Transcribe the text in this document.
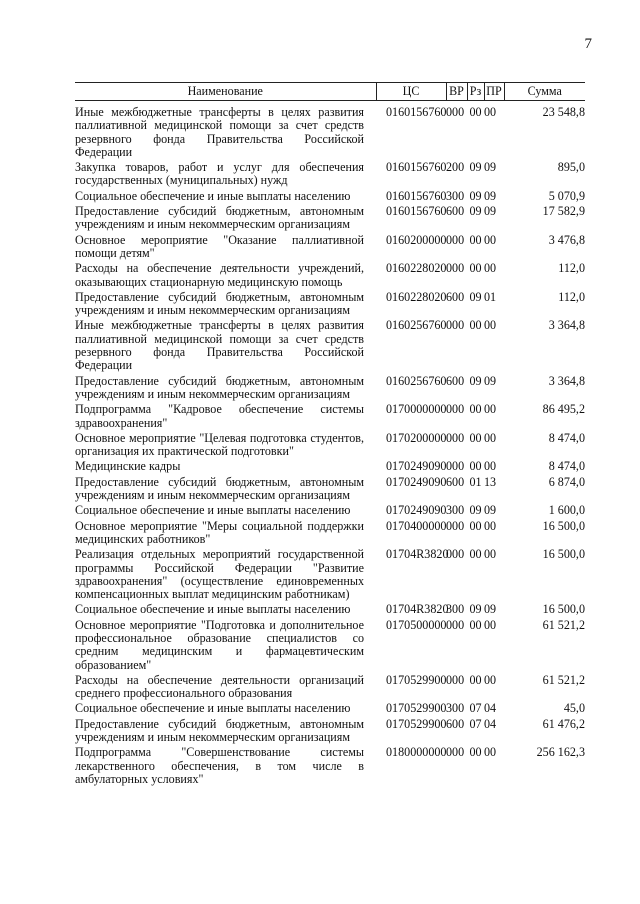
7
Наименование	ЦС	ВР	Рз	ПР	Сумма
Иные межбюджетные трансферты в целях развития паллиативной медицинской помощи за счет средств резервного фонда Правительства Российской Федерации	0160156760	000	00	00	23 548,8
Закупка товаров, работ и услуг для обеспечения государственных (муниципальных) нужд	0160156760	200	09	09	895,0
Социальное обеспечение и иные выплаты населению	0160156760	300	09	09	5 070,9
Предоставление субсидий бюджетным, автономным учреждениям и иным некоммерческим организациям	0160156760	600	09	09	17 582,9
Основное мероприятие "Оказание паллиативной помощи детям"	0160200000	000	00	00	3 476,8
Расходы на обеспечение деятельности учреждений, оказывающих стационарную медицинскую помощь	0160228020	000	00	00	112,0
Предоставление субсидий бюджетным, автономным учреждениям и иным некоммерческим организациям	0160228020	600	09	01	112,0
Иные межбюджетные трансферты в целях развития паллиативной медицинской помощи за счет средств резервного фонда Правительства Российской Федерации	0160256760	000	00	00	3 364,8
Предоставление субсидий бюджетным, автономным учреждениям и иным некоммерческим организациям	0160256760	600	09	09	3 364,8
Подпрограмма "Кадровое обеспечение системы здравоохранения"	0170000000	000	00	00	86 495,2
Основное мероприятие "Целевая подготовка студентов, организация их практической подготовки"	0170200000	000	00	00	8 474,0
Медицинские кадры	0170249090	000	00	00	8 474,0
Предоставление субсидий бюджетным, автономным учреждениям и иным некоммерческим организациям	0170249090	600	01	13	6 874,0
Социальное обеспечение и иные выплаты населению	0170249090	300	09	09	1 600,0
Основное мероприятие "Меры социальной поддержки медицинских работников"	0170400000	000	00	00	16 500,0
Реализация отдельных мероприятий государственной программы Российской Федерации "Развитие здравоохранения" (осуществление единовременных компенсационных выплат медицинским работникам)	01704R3820	000	00	00	16 500,0
Социальное обеспечение и иные выплаты населению	01704R3820	300	09	09	16 500,0
Основное мероприятие "Подготовка и дополнительное профессиональное образование специалистов со средним медицинским и фармацевтическим образованием"	0170500000	000	00	00	61 521,2
Расходы на обеспечение деятельности организаций среднего профессионального образования	0170529900	000	00	00	61 521,2
Социальное обеспечение и иные выплаты населению	0170529900	300	07	04	45,0
Предоставление субсидий бюджетным, автономным учреждениям и иным некоммерческим организациям	0170529900	600	07	04	61 476,2
Подпрограмма "Совершенствование системы лекарственного обеспечения, в том числе в амбулаторных условиях"	0180000000	000	00	00	256 162,3
